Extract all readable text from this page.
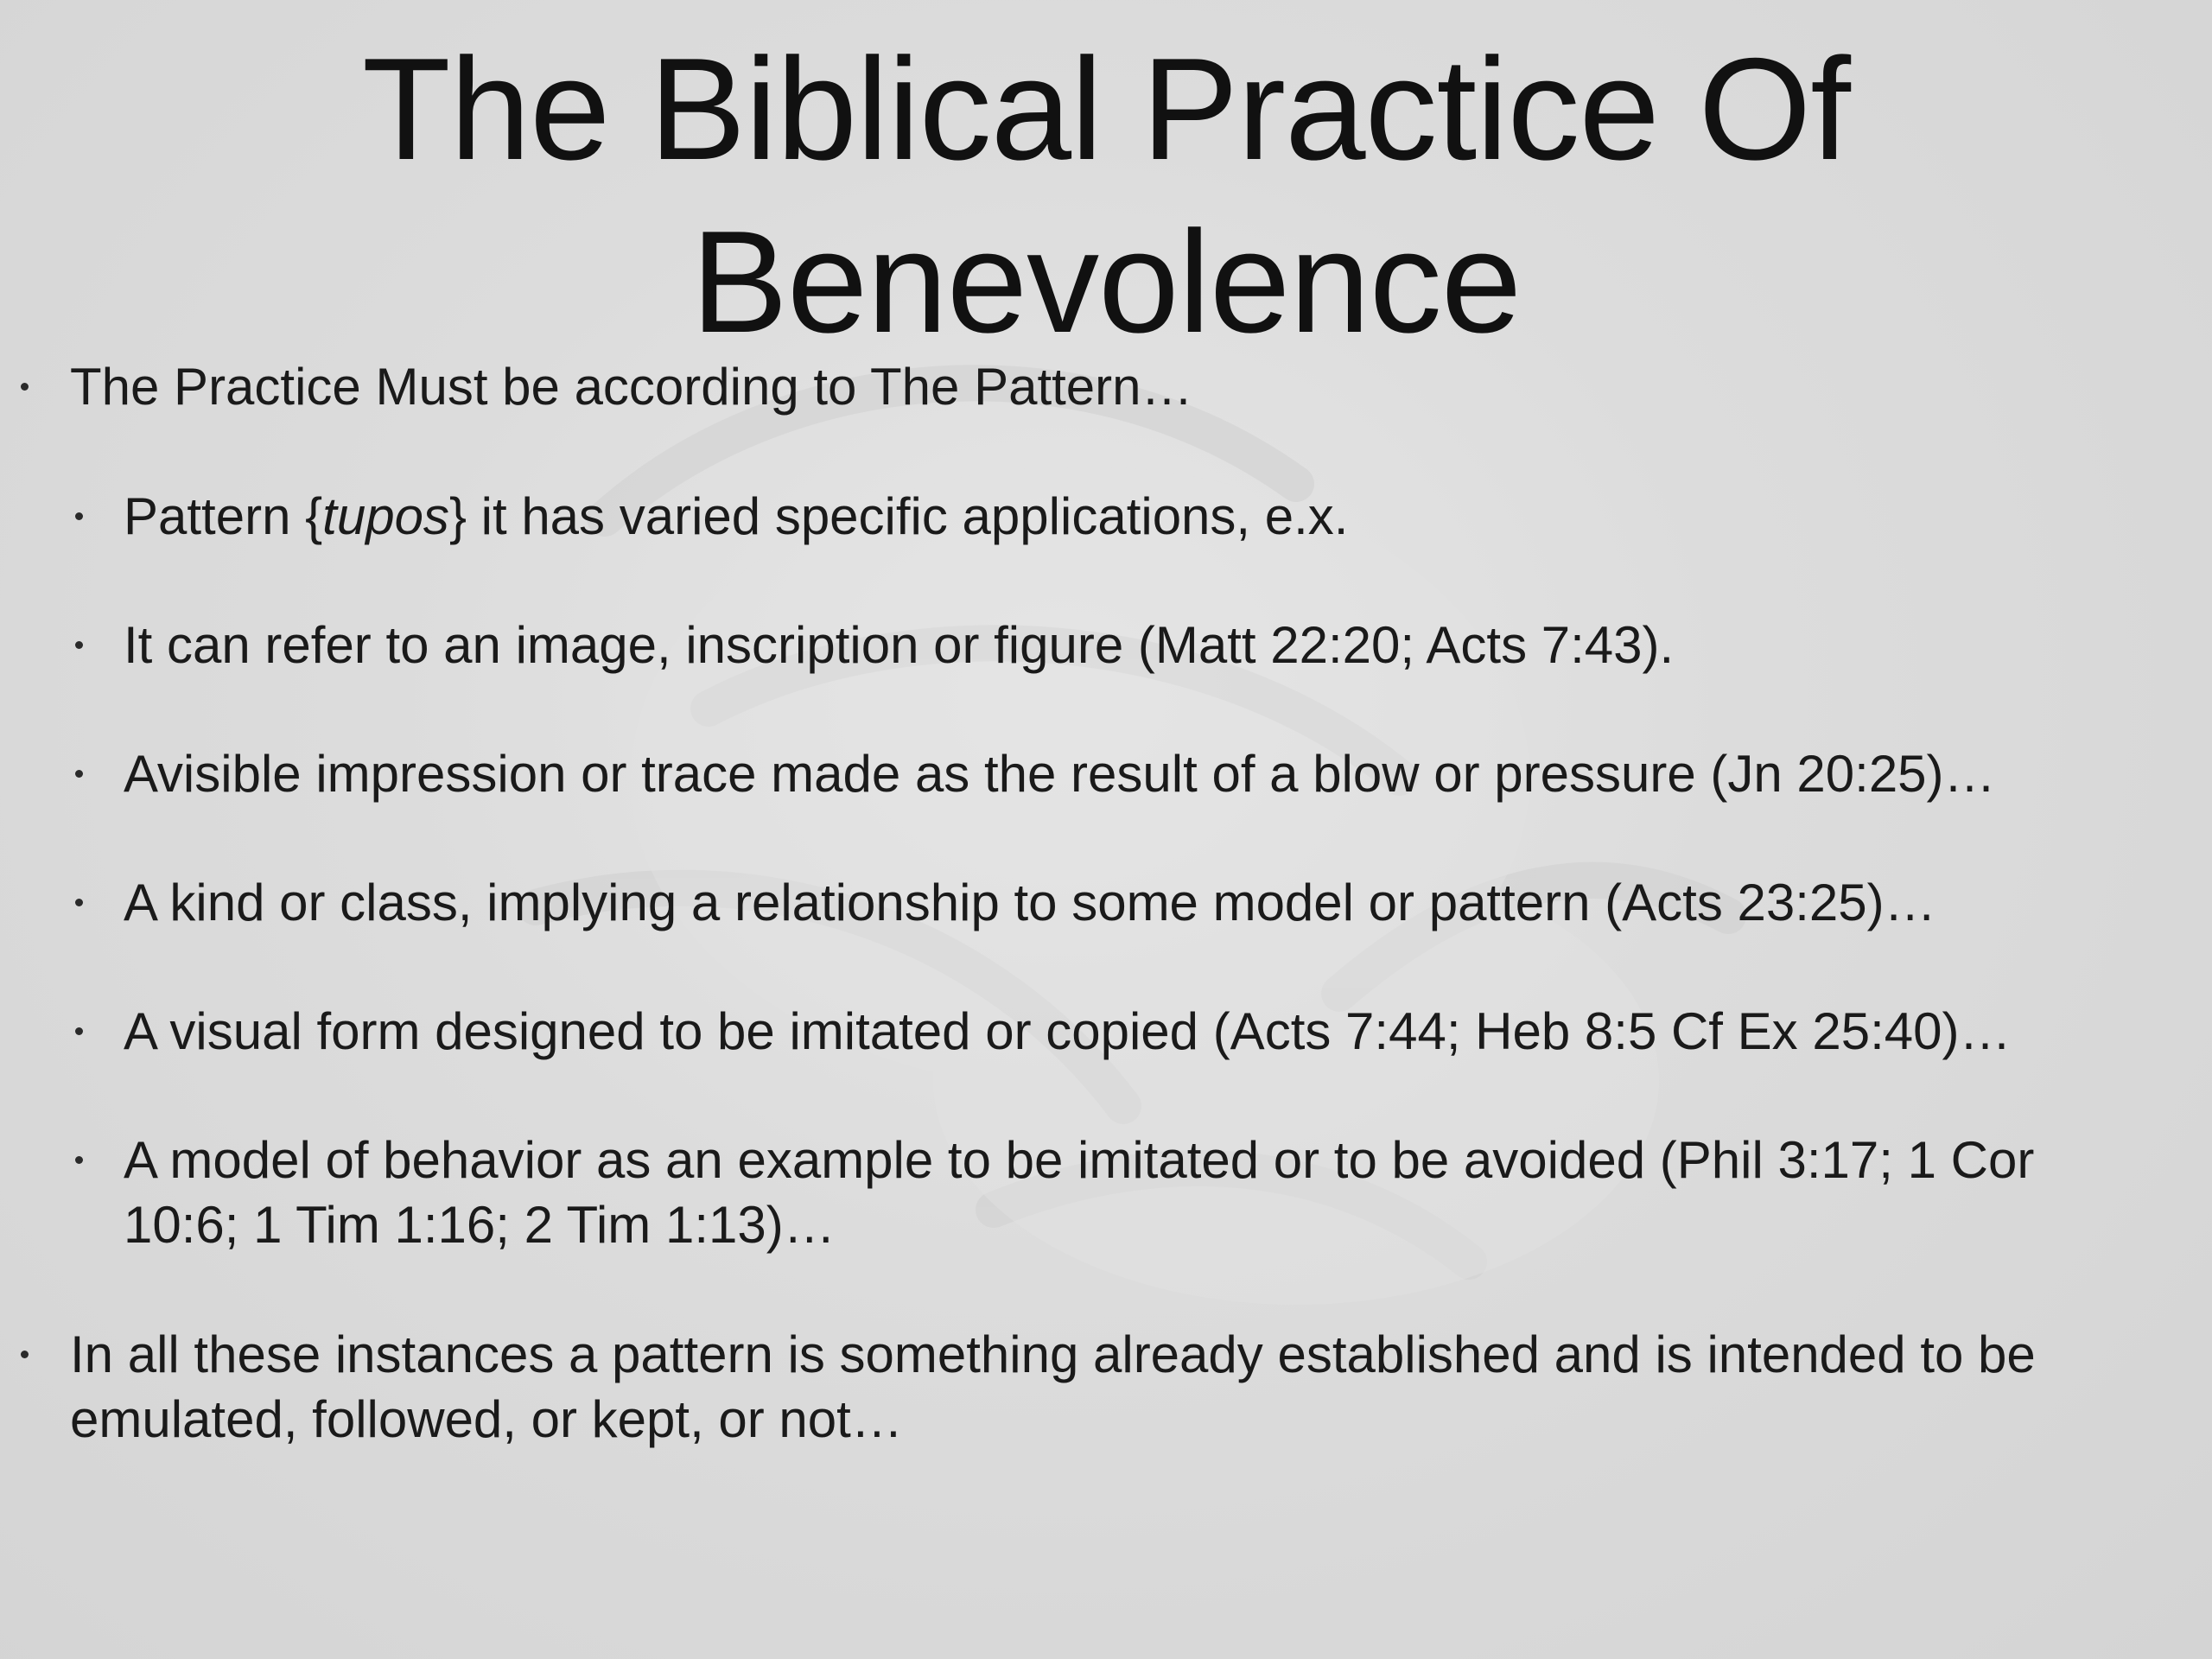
The Biblical Practice Of
Benevolence
The Practice Must be according to The Pattern…
Pattern {tupos} it has varied specific applications, e.x.
It can refer to an image, inscription or figure (Matt 22:20; Acts 7:43).
Avisible impression or trace made as the result of a blow or pressure (Jn 20:25)…
A kind or class, implying a relationship to some model or pattern (Acts 23:25)…
A visual form designed to be imitated or copied (Acts 7:44; Heb 8:5 Cf Ex 25:40)…
A model of behavior as an example to be imitated or to be avoided (Phil 3:17; 1 Cor
10:6; 1 Tim 1:16; 2 Tim 1:13)…
In all these instances a pattern is something already established and is intended to be
emulated, followed, or kept, or not…
